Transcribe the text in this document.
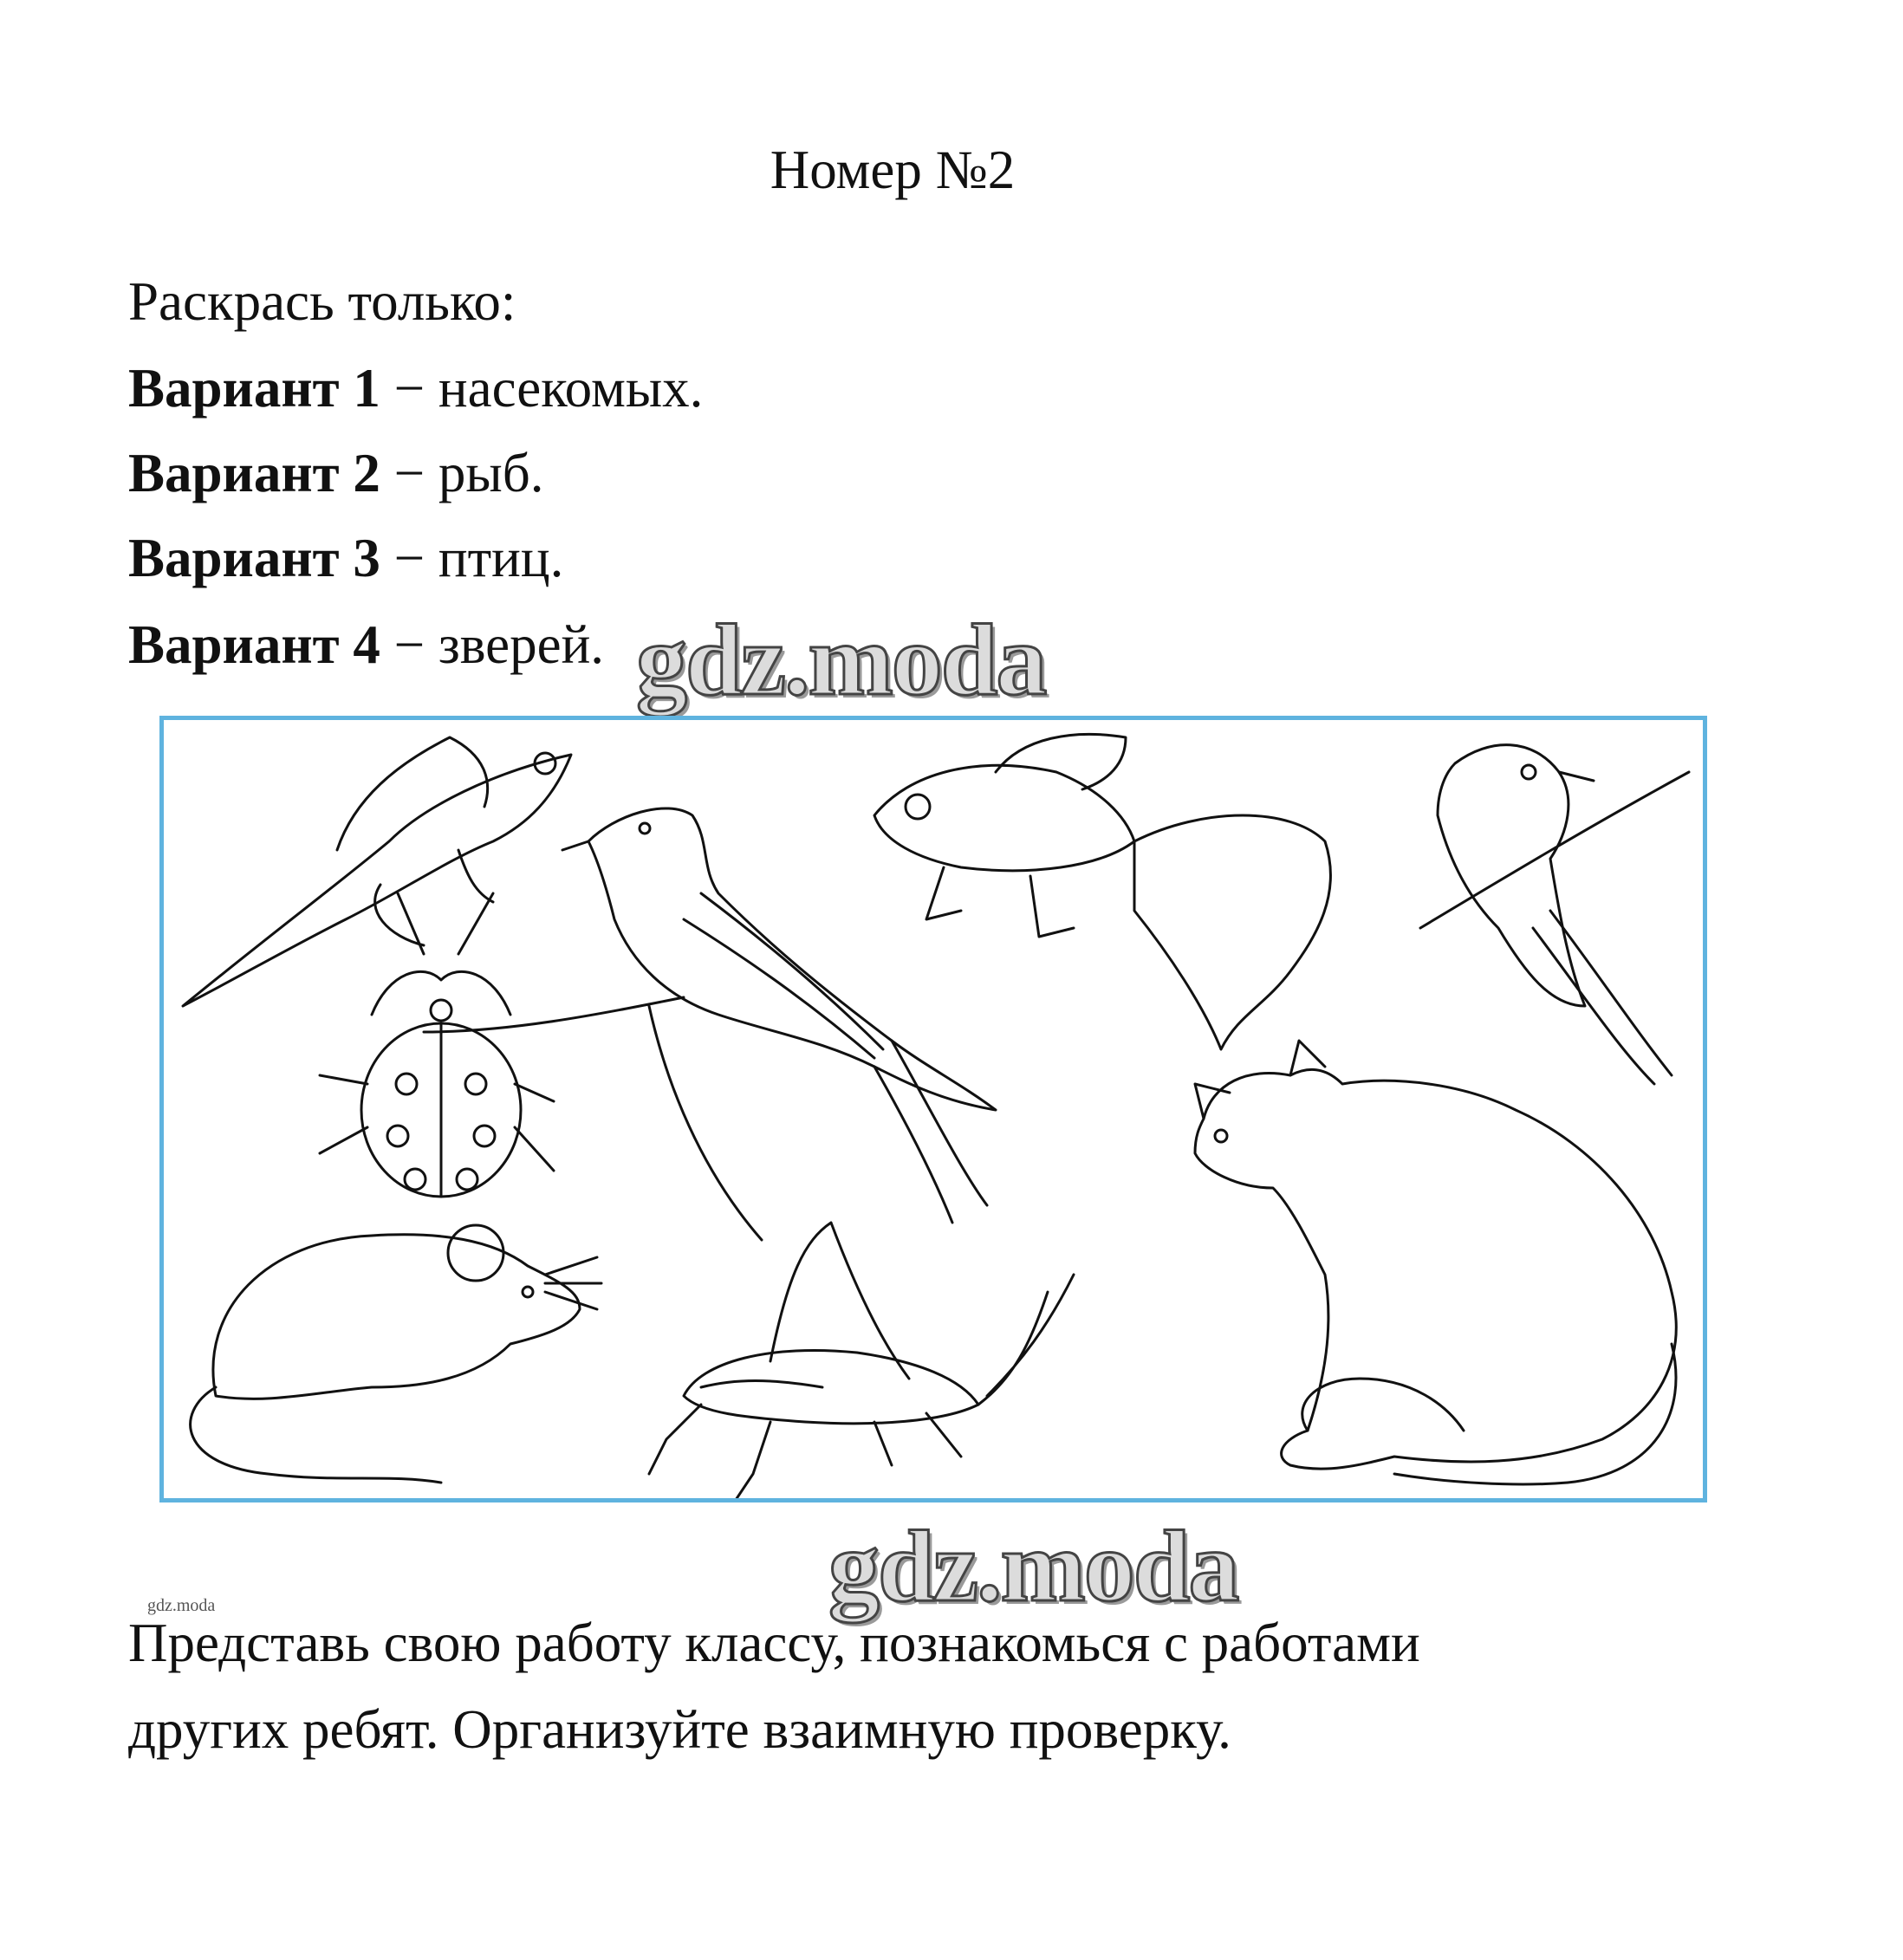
Номер №2
Раскрась только:
Вариант 1 − насекомых.
Вариант 2 − рыб.
Вариант 3 − птиц.
Вариант 4 − зверей. gdz.moda
gdz.moda
gdz.moda
Представь свою работу классу, познакомься с работами
других ребят. Организуйте взаимную проверку.
